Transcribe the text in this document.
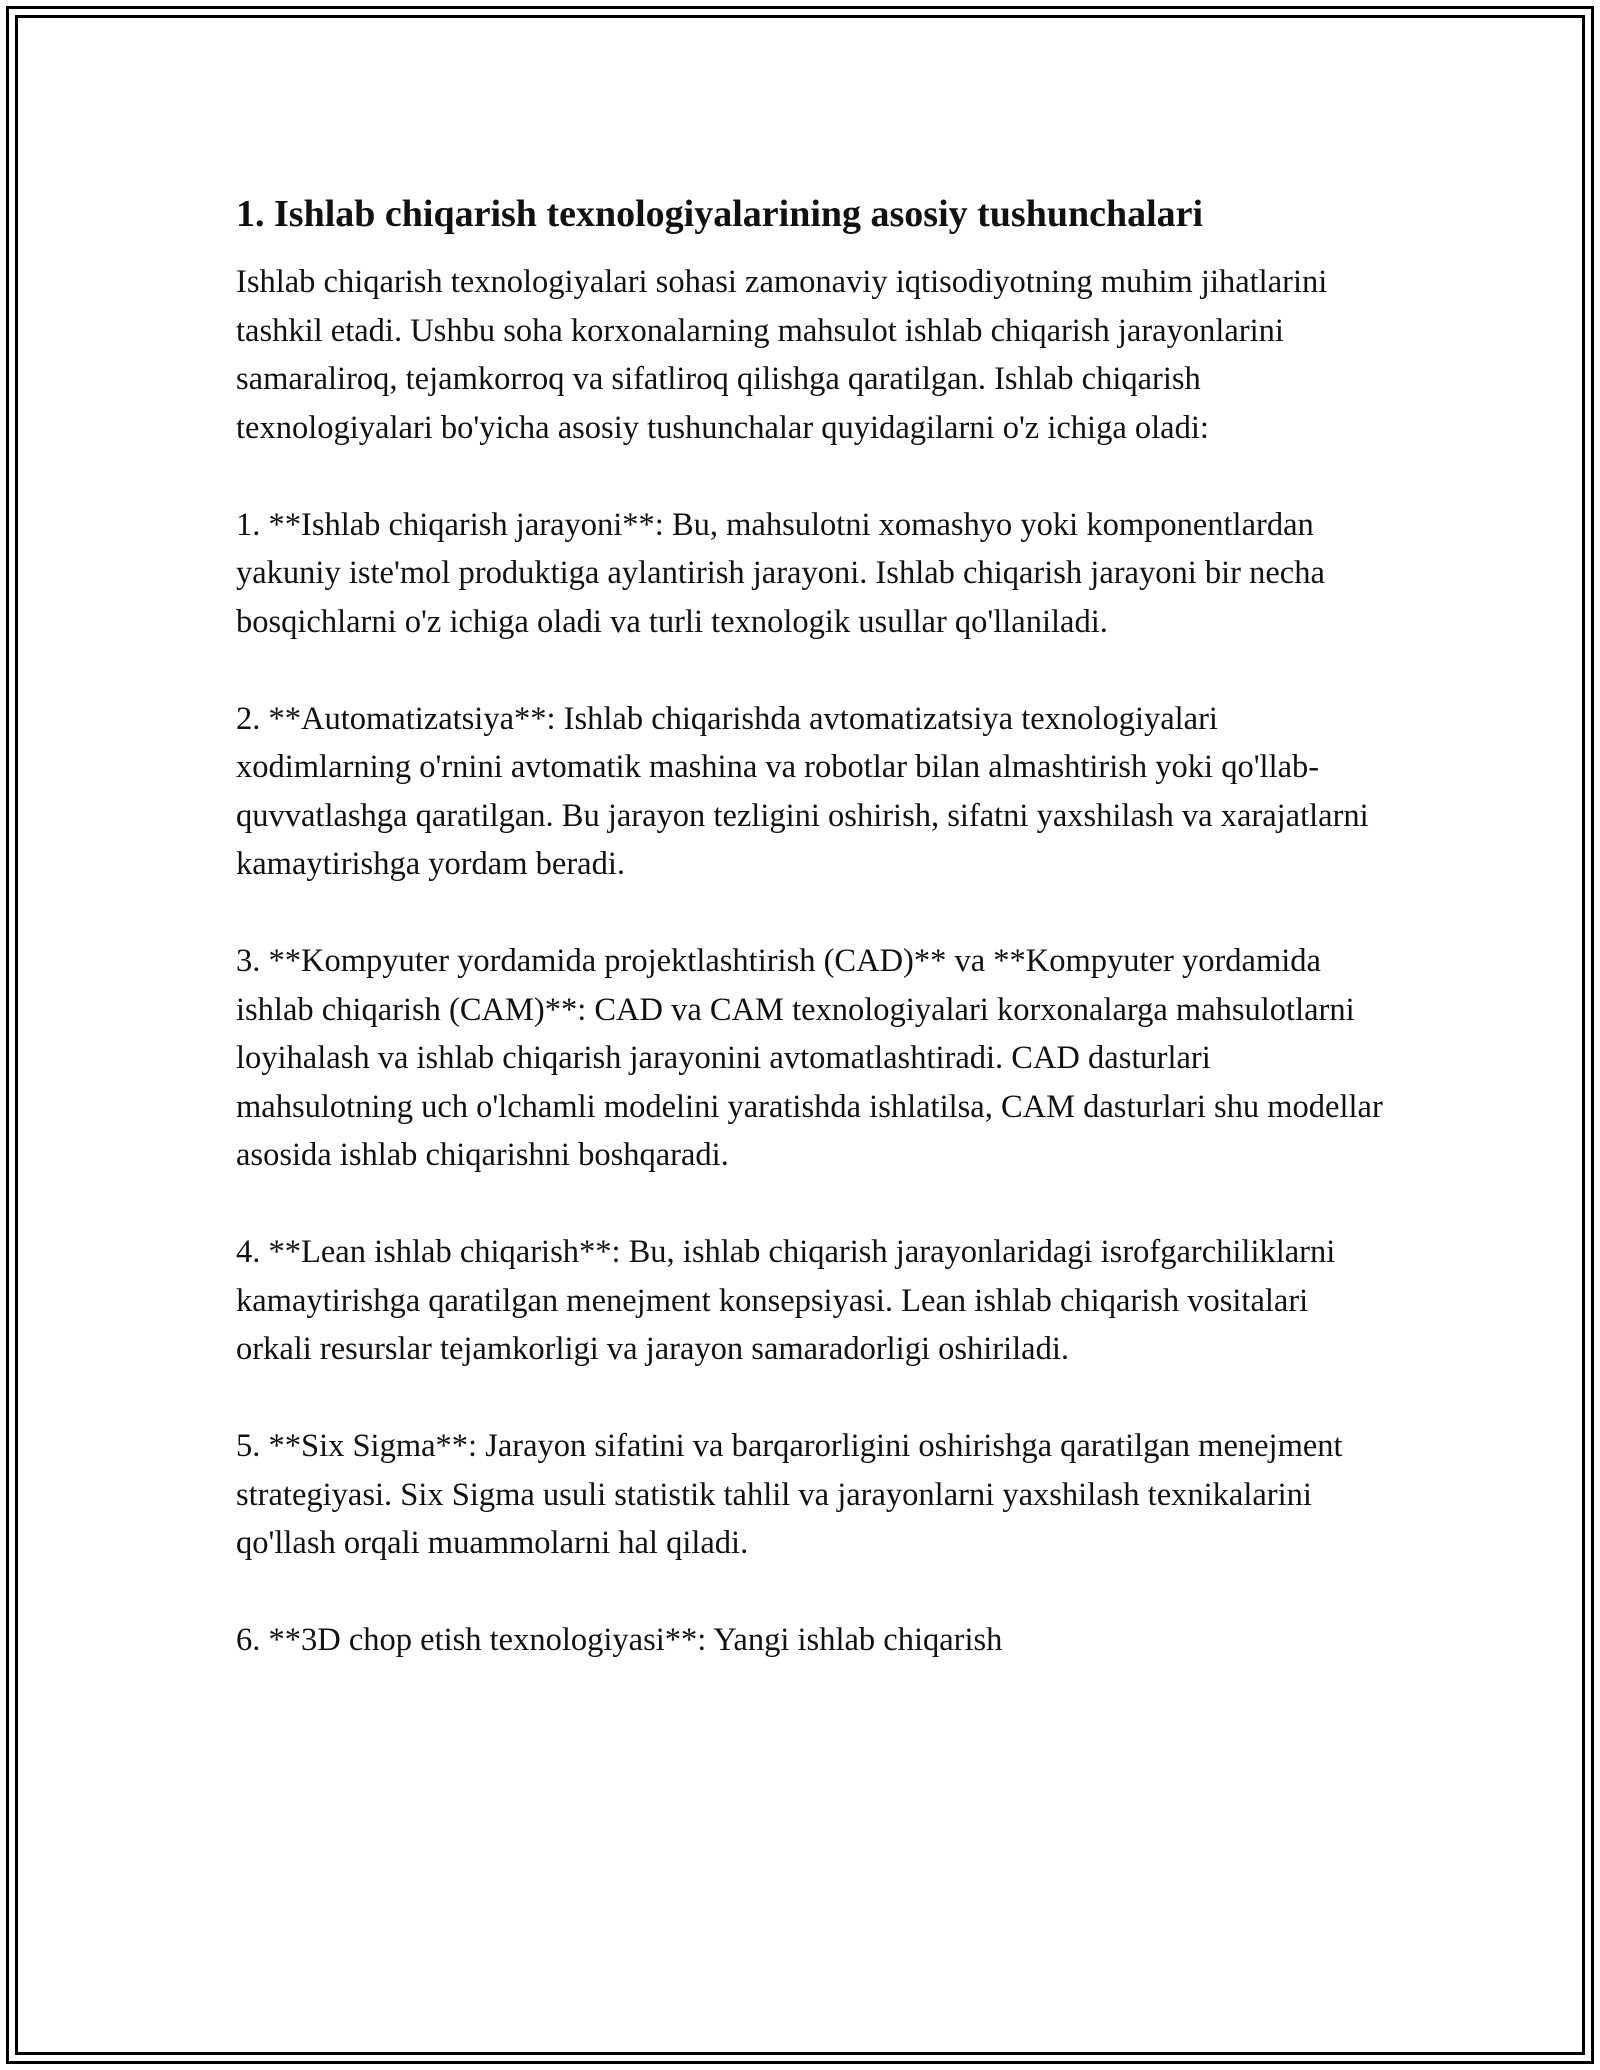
1. Ishlab chiqarish texnologiyalarining asosiy tushunchalari

Ishlab chiqarish texnologiyalari sohasi zamonaviy iqtisodiyotning muhim jihatlarini tashkil etadi. Ushbu soha korxonalarning mahsulot ishlab chiqarish jarayonlarini samaraliroq, tejamkorroq va sifatliroq qilishga qaratilgan. Ishlab chiqarish texnologiyalari bo'yicha asosiy tushunchalar quyidagilarni o'z ichiga oladi:

1. **Ishlab chiqarish jarayoni**: Bu, mahsulotni xomashyo yoki komponentlardan yakuniy iste'mol produktiga aylantirish jarayoni. Ishlab chiqarish jarayoni bir necha bosqichlarni o'z ichiga oladi va turli texnologik usullar qo'llaniladi.

2. **Automatizatsiya**: Ishlab chiqarishda avtomatizatsiya texnologiyalari xodimlarning o'rnini avtomatik mashina va robotlar bilan almashtirish yoki qo'llab-quvvatlashga qaratilgan. Bu jarayon tezligini oshirish, sifatni yaxshilash va xarajatlarni kamaytirishga yordam beradi.

3. **Kompyuter yordamida projektlashtirish (CAD)** va **Kompyuter yordamida ishlab chiqarish (CAM)**: CAD va CAM texnologiyalari korxonalarga mahsulotlarni loyihalash va ishlab chiqarish jarayonini avtomatlashtiradi. CAD dasturlari mahsulotning uch o'lchamli modelini yaratishda ishlatilsa, CAM dasturlari shu modellar asosida ishlab chiqarishni boshqaradi.

4. **Lean ishlab chiqarish**: Bu, ishlab chiqarish jarayonlaridagi isrofgarchiliklarni kamaytirishga qaratilgan menejment konsepsiyasi. Lean ishlab chiqarish vositalari orkali resurslar tejamkorligi va jarayon samaradorligi oshiriladi.

5. **Six Sigma**: Jarayon sifatini va barqarorligini oshirishga qaratilgan menejment strategiyasi. Six Sigma usuli statistik tahlil va jarayonlarni yaxshilash texnikalarini qo'llash orqali muammolarni hal qiladi.

6. **3D chop etish texnologiyasi**: Yangi ishlab chiqarish
